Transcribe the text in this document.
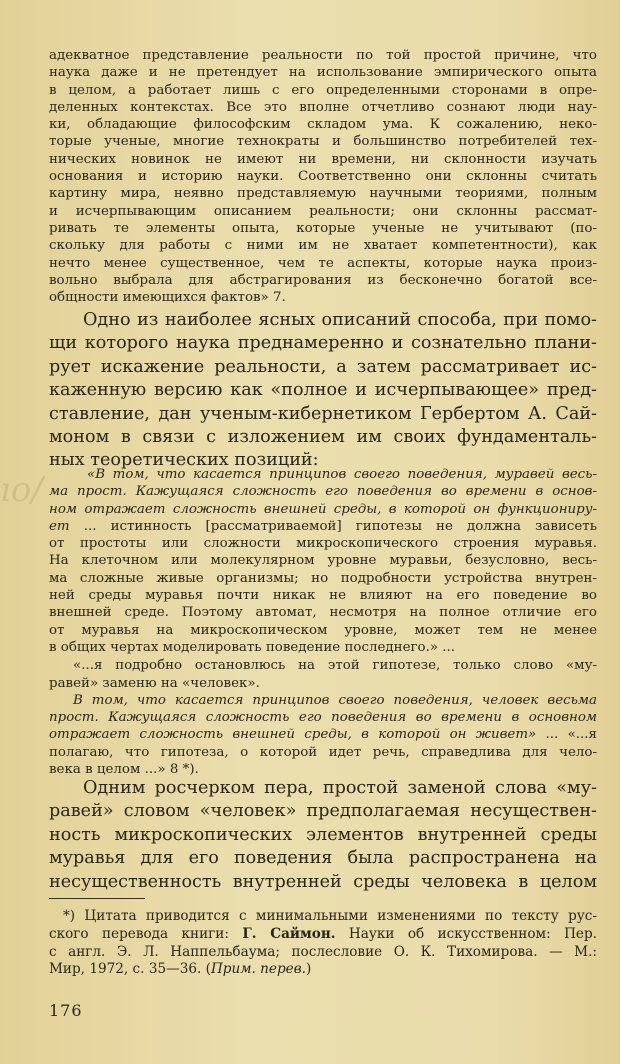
ıo/
адекватное представление реальности по той простой причине, что
наука даже и не претендует на использование эмпирического опыта
в целом, а работает лишь с его определенными сторонами в опре-
деленных контекстах. Все это вполне отчетливо сознают люди нау-
ки, обладающие философским складом ума. К сожалению, неко-
торые ученые, многие технократы и большинство потребителей тех-
нических новинок не имеют ни времени, ни склонности изучать
основания и историю науки. Соответственно они склонны считать
картину мира, неявно представляемую научными теориями, полным
и исчерпывающим описанием реальности; они склонны рассмат-
ривать те элементы опыта, которые ученые не учитывают (по-
скольку для работы с ними им не хватает компетентности), как
нечто менее существенное, чем те аспекты, которые наука произ-
вольно выбрала для абстрагирования из бесконечно богатой все-
общности имеющихся фактов» 7.
Одно из наиболее ясных описаний способа, при помо-
щи которого наука преднамеренно и сознательно плани-
рует искажение реальности, а затем рассматривает ис-
каженную версию как «полное и исчерпывающее» пред-
ставление, дан ученым-кибернетиком Гербертом А. Сай-
моном в связи с изложением им своих фундаменталь-
ных теоретических позиций:
«В том, что касается принципов своего поведения, муравей весь-
ма прост. Кажущаяся сложность его поведения во времени в основ-
ном отражает сложность внешней среды, в которой он функциониру-
ет ... истинность [рассматриваемой] гипотезы не должна зависеть
от простоты или сложности микроскопического строения муравья.
На клеточном или молекулярном уровне муравьи, безусловно, весь-
ма сложные живые организмы; но подробности устройства внутрен-
ней среды муравья почти никак не влияют на его поведение во
внешней среде. Поэтому автомат, несмотря на полное отличие его
от муравья на микроскопическом уровне, может тем не менее
в общих чертах моделировать поведение последнего.» ...
«...я подробно остановлюсь на этой гипотезе, только слово «му-
равей» заменю на «человек».
В том, что касается принципов своего поведения, человек весьма
прост. Кажущаяся сложность его поведения во времени в основном
отражает сложность внешней среды, в которой он живет» ... «...я
полагаю, что гипотеза, о которой идет речь, справедлива для чело-
века в целом ...» 8 *).
Одним росчерком пера, простой заменой слова «му-
равей» словом «человек» предполагаемая несуществен-
ность микроскопических элементов внутренней среды
муравья для его поведения была распространена на
несущественность внутренней среды человека в целом
*) Цитата приводится с минимальными изменениями по тексту рус-
ского перевода книги: Г. Саймон. Науки об искусственном: Пер.
с англ. Э. Л. Наппельбаума; послесловие О. К. Тихомирова. — М.:
Мир, 1972, с. 35—36. (Прим. перев.)
176
